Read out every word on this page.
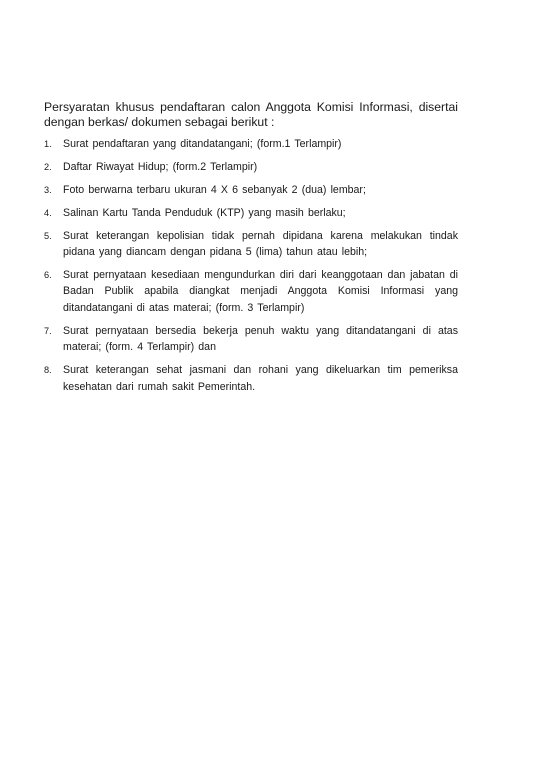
Persyaratan khusus pendaftaran calon Anggota Komisi Informasi, disertai dengan berkas/ dokumen sebagai berikut :

1. Surat pendaftaran yang ditandatangani; (form.1 Terlampir)
2. Daftar Riwayat Hidup; (form.2 Terlampir)
3. Foto berwarna terbaru ukuran 4 X 6 sebanyak 2 (dua) lembar;
4. Salinan Kartu Tanda Penduduk (KTP) yang masih berlaku;
5. Surat keterangan kepolisian tidak pernah dipidana karena melakukan tindak pidana yang diancam dengan pidana 5 (lima) tahun atau lebih;
6. Surat pernyataan kesediaan mengundurkan diri dari keanggotaan dan jabatan di Badan Publik apabila diangkat menjadi Anggota Komisi Informasi yang ditandatangani di atas materai; (form. 3 Terlampir)
7. Surat pernyataan bersedia bekerja penuh waktu yang ditandatangani di atas materai; (form. 4 Terlampir) dan
8. Surat keterangan sehat jasmani dan rohani yang dikeluarkan tim pemeriksa kesehatan dari rumah sakit Pemerintah.
